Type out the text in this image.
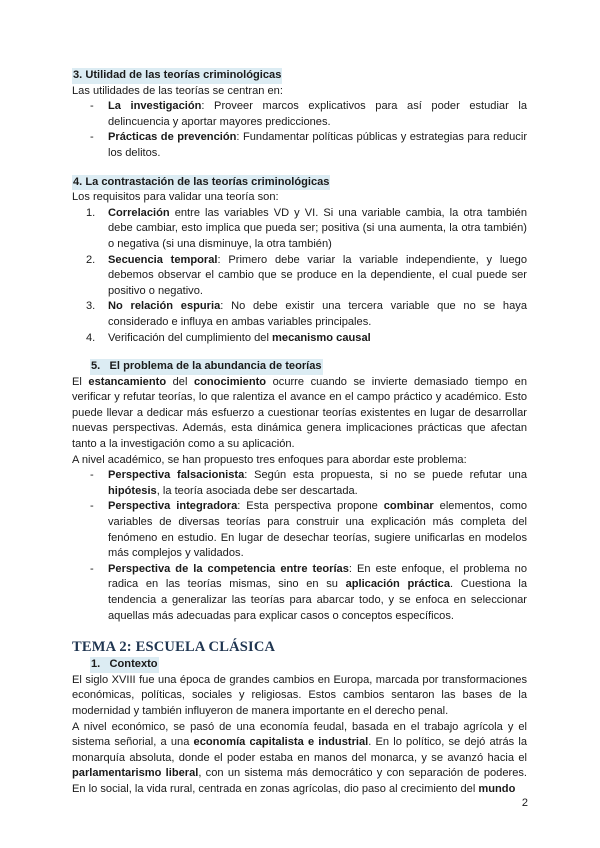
3. Utilidad de las teorías criminológicas

Las utilidades de las teorías se centran en:

- La investigación: Proveer marcos explicativos para así poder estudiar la delincuencia y aportar mayores predicciones.
- Prácticas de prevención: Fundamentar políticas públicas y estrategias para reducir los delitos.
4. La contrastación de las teorías criminológicas

Los requisitos para validar una teoría son:

1. Correlación entre las variables VD y VI. Si una variable cambia, la otra también debe cambiar, esto implica que pueda ser; positiva (si una aumenta, la otra también) o negativa (si una disminuye, la otra también)
2. Secuencia temporal: Primero debe variar la variable independiente, y luego debemos observar el cambio que se produce en la dependiente, el cual puede ser positivo o negativo.
3. No relación espuria: No debe existir una tercera variable que no se haya considerado e influya en ambas variables principales.
4. Verificación del cumplimiento del mecanismo causal
5. El problema de la abundancia de teorías

El estancamiento del conocimiento ocurre cuando se invierte demasiado tiempo en verificar y refutar teorías, lo que ralentiza el avance en el campo práctico y académico. Esto puede llevar a dedicar más esfuerzo a cuestionar teorías existentes en lugar de desarrollar nuevas perspectivas. Además, esta dinámica genera implicaciones prácticas que afectan tanto a la investigación como a su aplicación.

A nivel académico, se han propuesto tres enfoques para abordar este problema:

- Perspectiva falsacionista: Según esta propuesta, si no se puede refutar una hipótesis, la teoría asociada debe ser descartada.
- Perspectiva integradora: Esta perspectiva propone combinar elementos, como variables de diversas teorías para construir una explicación más completa del fenómeno en estudio. En lugar de desechar teorías, sugiere unificarlas en modelos más complejos y validados.
- Perspectiva de la competencia entre teorías: En este enfoque, el problema no radica en las teorías mismas, sino en su aplicación práctica. Cuestiona la tendencia a generalizar las teorías para abarcar todo, y se enfoca en seleccionar aquellas más adecuadas para explicar casos o conceptos específicos.
TEMA 2: ESCUELA CLÁSICA
1. Contexto

El siglo XVIII fue una época de grandes cambios en Europa, marcada por transformaciones económicas, políticas, sociales y religiosas. Estos cambios sentaron las bases de la modernidad y también influyeron de manera importante en el derecho penal.

A nivel económico, se pasó de una economía feudal, basada en el trabajo agrícola y el sistema señorial, a una economía capitalista e industrial. En lo político, se dejó atrás la monarquía absoluta, donde el poder estaba en manos del monarca, y se avanzó hacia el parlamentarismo liberal, con un sistema más democrático y con separación de poderes. En lo social, la vida rural, centrada en zonas agrícolas, dio paso al crecimiento del mundo

2
